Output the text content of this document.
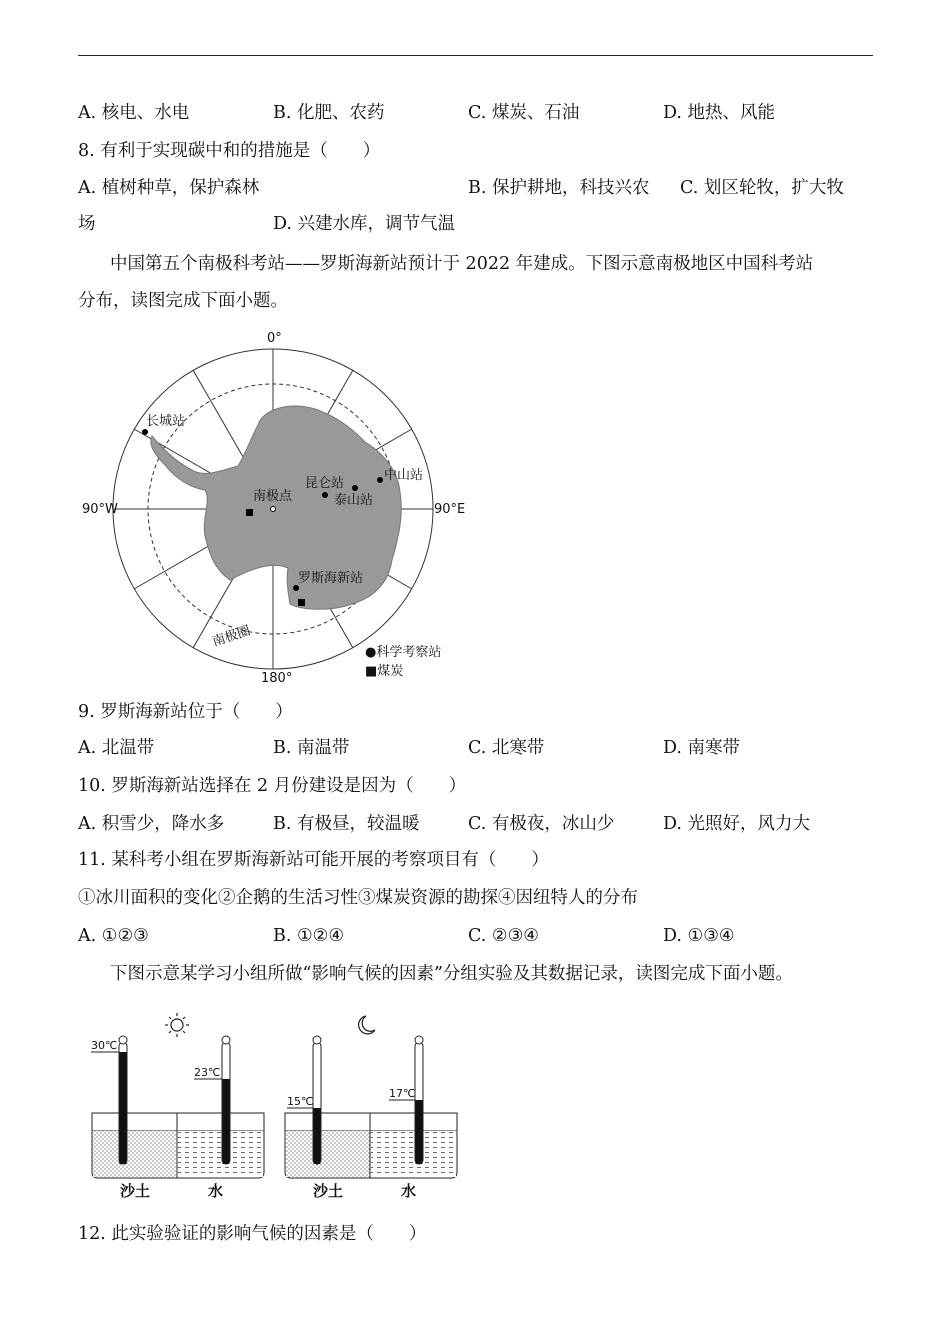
A. 核电、水电	B. 化肥、农药	C. 煤炭、石油	D. 地热、风能
8. 有利于实现碳中和的措施是（　　）
A. 植树种草，保护森林	B. 保护耕地，科技兴农 C. 划区轮牧，扩大牧
场	D. 兴建水库，调节气温
中国第五个南极科考站——罗斯海新站预计于 2022 年建成。下图示意南极地区中国科考站
分布，读图完成下面小题。
0°
180°
90°W	90°E
长城站
昆仑站
泰山站
中山站
罗斯海新站
南极点
南极圈
●科学考察站
■煤炭
9. 罗斯海新站位于（　　）
A. 北温带	B. 南温带	C. 北寒带	D. 南寒带
10. 罗斯海新站选择在 2 月份建设是因为（　　）
A. 积雪少，降水多	B. 有极昼，较温暖	C. 有极夜，冰山少	D. 光照好，风力大
11. 某科考小组在罗斯海新站可能开展的考察项目有（　　）
①冰川面积的变化②企鹅的生活习性③煤炭资源的勘探④因纽特人的分布
A. ①②③	B. ①②④	C. ②③④	D. ①③④
下图示意某学习小组所做“影响气候的因素”分组实验及其数据记录，读图完成下面小题。
30℃
23℃
15℃
17℃
沙土	水	沙土	水
12. 此实验验证的影响气候的因素是（　　）
